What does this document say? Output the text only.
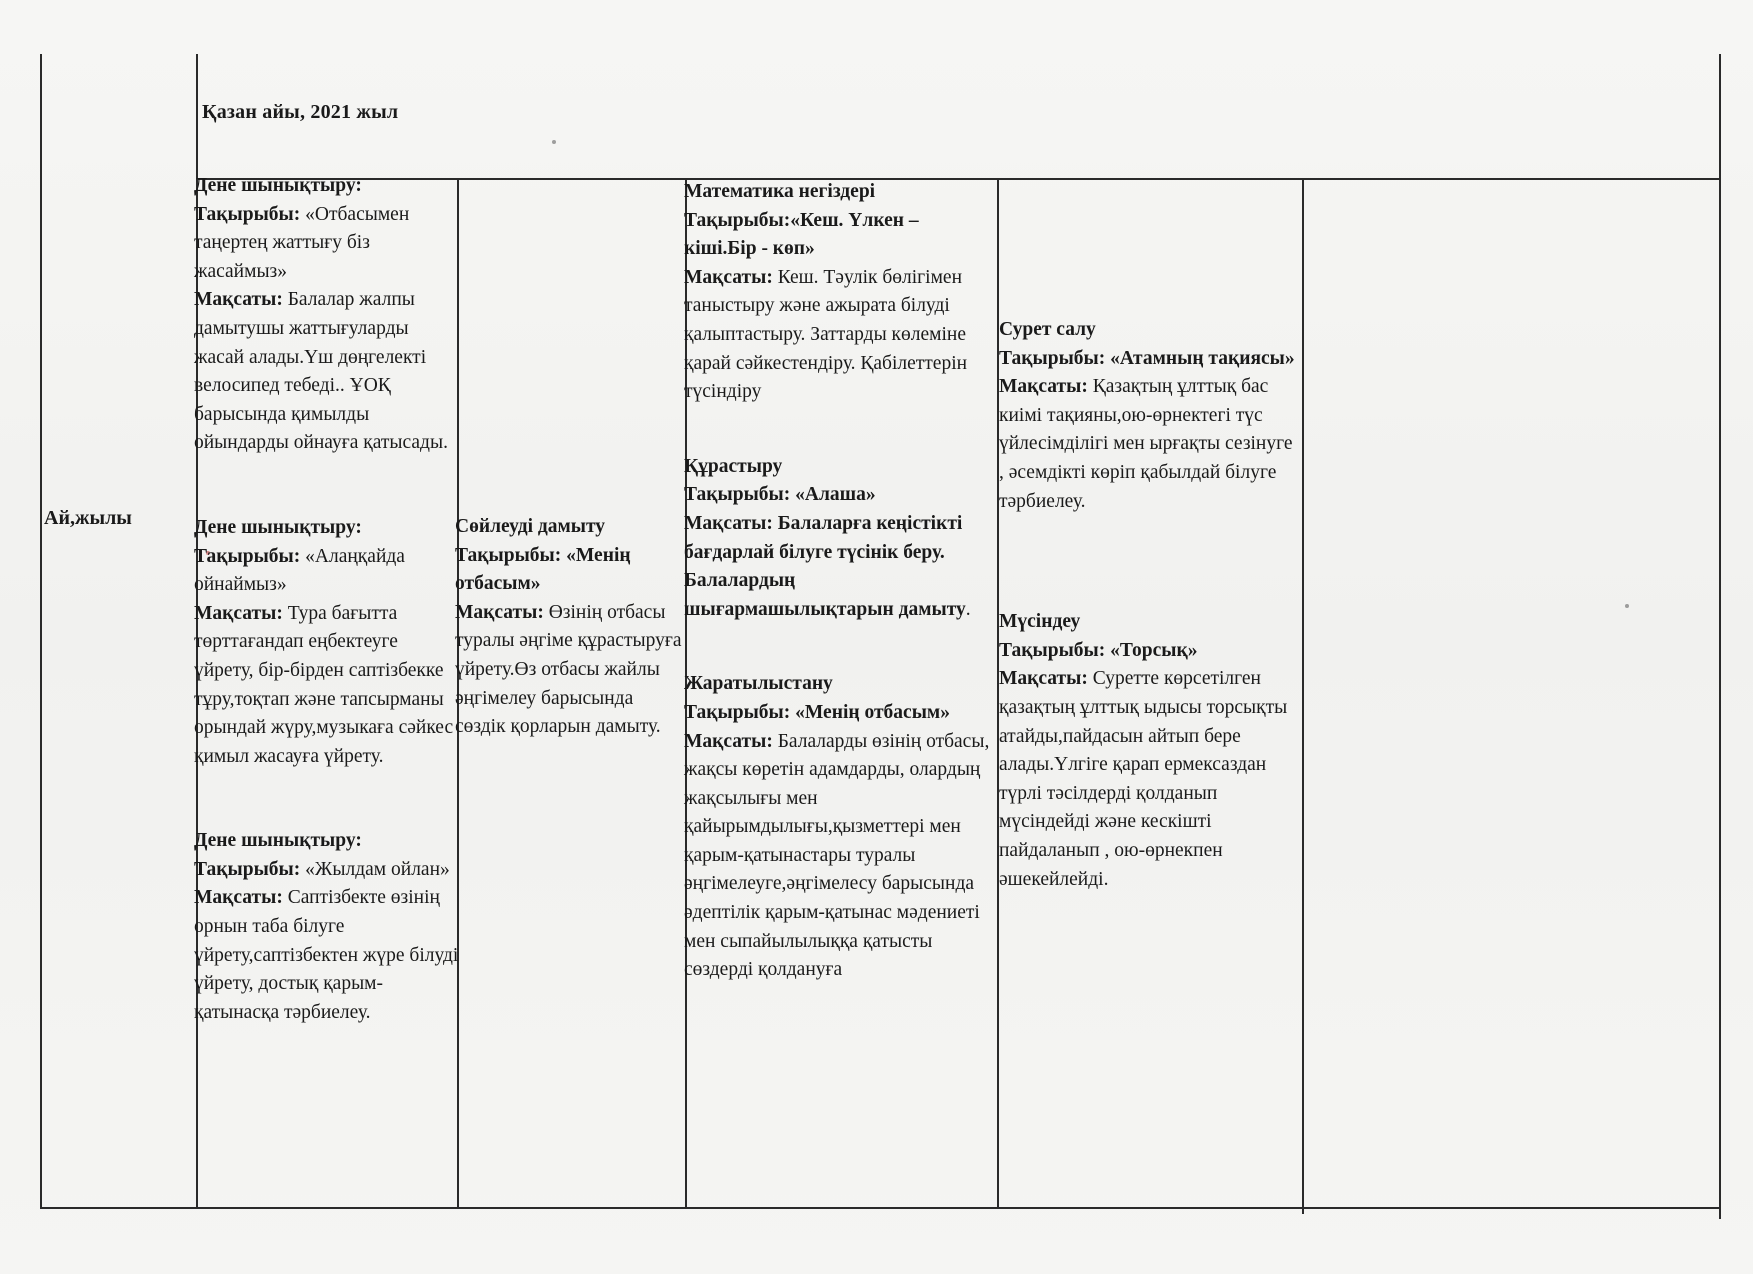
Қазан айы, 2021 жыл
Ай,жылы

Дене шынықтыру:

Тақырыбы: «Отбасымен таңертең жаттығу біз жасаймыз»

Мақсаты: Балалар жалпы дамытушы жаттығуларды жасай алады.Үш дөңгелекті велосипед тебеді.. ҰОҚ барысында қимылды ойындарды ойнауға қатысады.

Дене шынықтыру:

Тақырыбы: «Алаңқайда ойнаймыз»

Мақсаты: Тура бағытта төрттағандап еңбектеуге үйрету, бір-бірден саптізбекке тұру,тоқтап және тапсырманы орындай жүру,музыкаға сәйкес қимыл жасауға үйрету.

Дене шынықтыру:

Тақырыбы: «Жылдам ойлан»

Мақсаты: Саптізбекте өзінің орнын таба білуге үйрету,саптізбектен жүре білуді үйрету, достық қарым-қатынасқа тәрбиелеу.

Сөйлеуді дамыту

Тақырыбы: «Менің отбасым»

Мақсаты: Өзінің отбасы туралы әңгіме құрастыруға үйрету.Өз отбасы жайлы әңгімелеу барысында сөздік қорларын дамыту.

Математика негіздері

Тақырыбы:«Кеш. Үлкен – кіші.Бір - көп»

Мақсаты: Кеш. Тәулік бөлігімен таныстыру және ажырата білуді қалыптастыру. Заттарды көлеміне қарай сәйкестендіру. Қабілеттерін түсіндіру

Құрастыру

Тақырыбы: «Алаша»

Мақсаты: Балаларға кеңістікті бағдарлай білуге түсінік беру. Балалардың шығармашылықтарын дамыту.

Жаратылыстану

Тақырыбы: «Менің отбасым»

Мақсаты: Балаларды өзінің отбасы, жақсы көретін адамдарды, олардың жақсылығы мен қайырымдылығы,қызметтері мен қарым-қатынастары туралы әңгімелеуге,әңгімелесу барысында әдептілік қарым-қатынас мәдениеті мен сыпайылылыққа қатысты сөздерді қолдануға

Сурет салу

Тақырыбы: «Атамның тақиясы»

Мақсаты: Қазақтың ұлттық бас киімі тақияны,ою-өрнектегі түс үйлесімділігі мен ырғақты сезінуге , әсемдікті көріп қабылдай білуге тәрбиелеу.

Мүсіндеу

Тақырыбы: «Торсық»

Мақсаты: Суретте көрсетілген қазақтың ұлттық ыдысы торсықты атайды,пайдасын айтып бере алады.Үлгіге қарап ермексаздан түрлі тәсілдерді қолданып мүсіндейді және кескішті пайдаланып , ою-өрнекпен әшекейлейді.
